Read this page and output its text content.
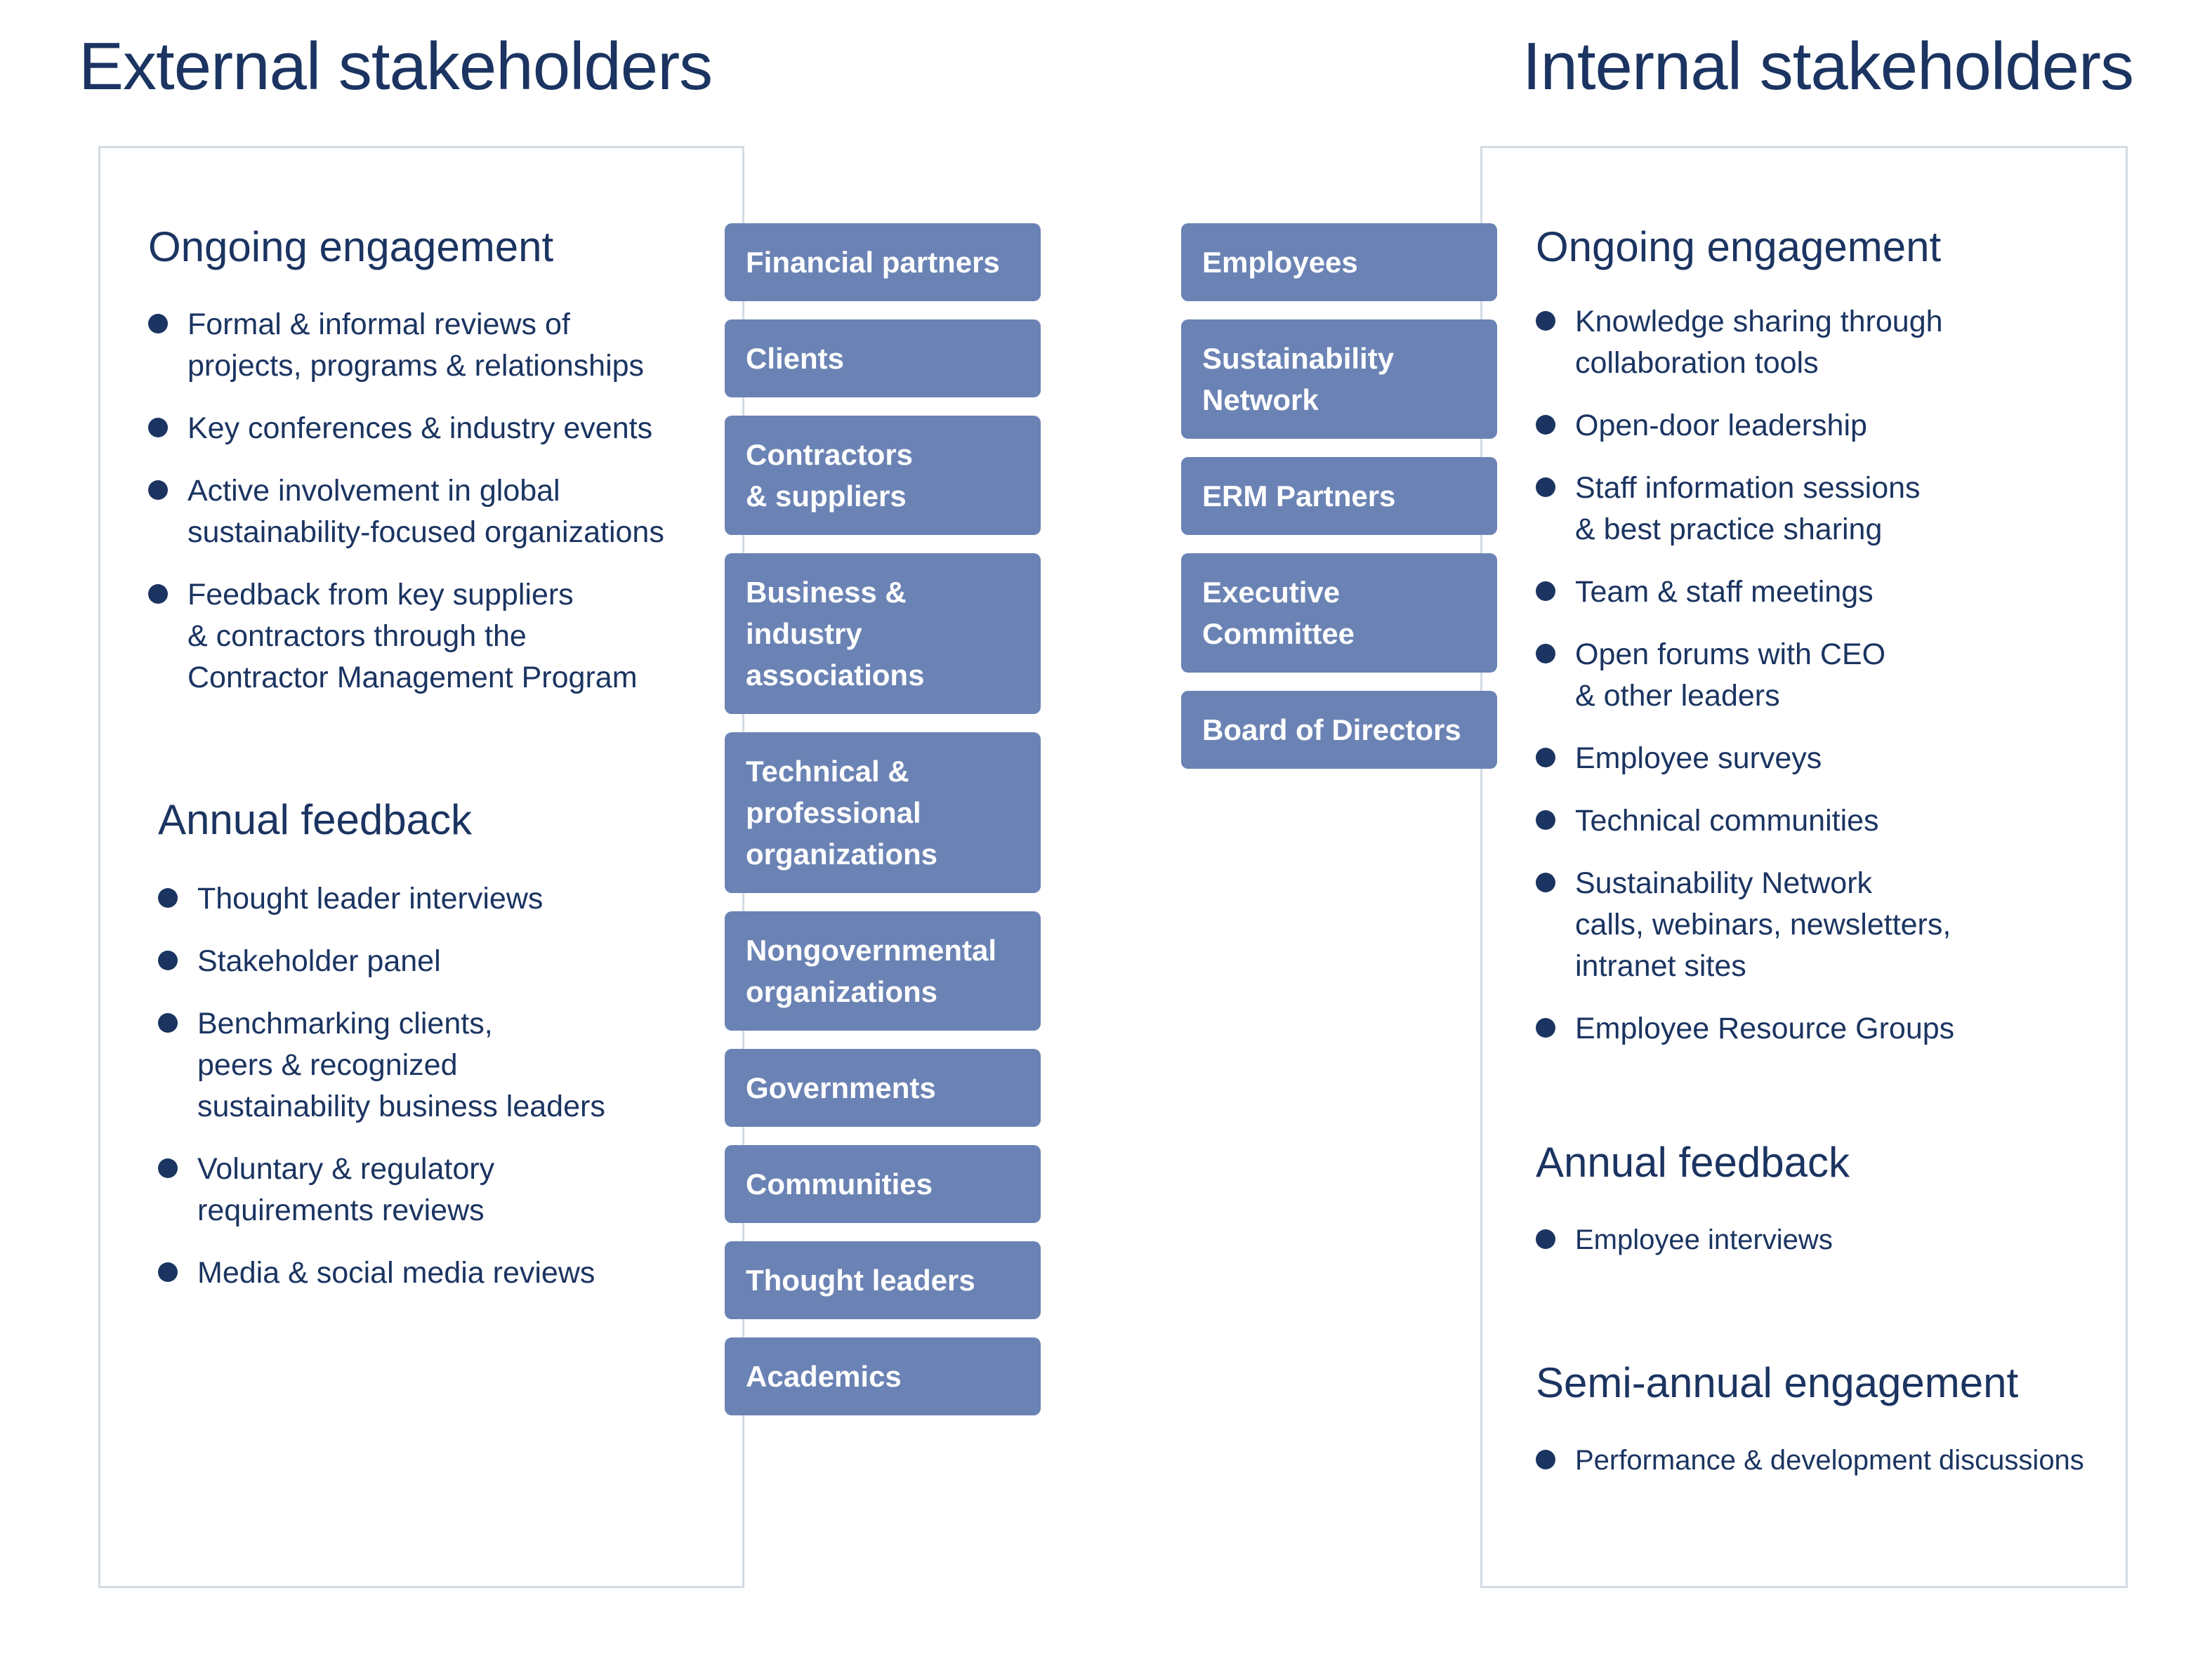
External stakeholders	Internal stakeholders
Ongoing engagement
Formal & informal reviews of
projects, programs & relationships
Key conferences & industry events
Active involvement in global
sustainability-focused organizations
Feedback from key suppliers
& contractors through the
Contractor Management Program
Annual feedback
Thought leader interviews
Stakeholder panel
Benchmarking clients,
peers & recognized
sustainability business leaders
Voluntary & regulatory
requirements reviews
Media & social media reviews
Ongoing engagement
Knowledge sharing through
collaboration tools
Open-door leadership
Staff information sessions
& best practice sharing
Team & staff meetings
Open forums with CEO
& other leaders
Employee surveys
Technical communities
Sustainability Network
calls, webinars, newsletters,
intranet sites
Employee Resource Groups
Annual feedback
Employee interviews
Semi-annual engagement
Performance & development discussions
Financial partners
Clients
Contractors
& suppliers
Business &
industry
associations
Technical &
professional
organizations
Nongovernmental
organizations
Governments
Communities
Thought leaders
Academics
Employees
Sustainability
Network
ERM Partners
Executive
Committee
Board of Directors
